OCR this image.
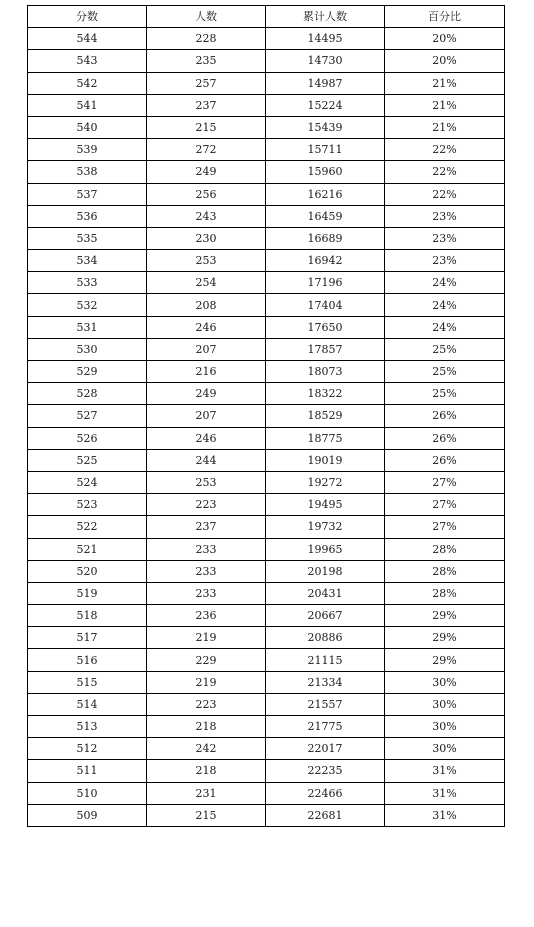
分数	人数	累计人数	百分比
544	228	14495	20%
543	235	14730	20%
542	257	14987	21%
541	237	15224	21%
540	215	15439	21%
539	272	15711	22%
538	249	15960	22%
537	256	16216	22%
536	243	16459	23%
535	230	16689	23%
534	253	16942	23%
533	254	17196	24%
532	208	17404	24%
531	246	17650	24%
530	207	17857	25%
529	216	18073	25%
528	249	18322	25%
527	207	18529	26%
526	246	18775	26%
525	244	19019	26%
524	253	19272	27%
523	223	19495	27%
522	237	19732	27%
521	233	19965	28%
520	233	20198	28%
519	233	20431	28%
518	236	20667	29%
517	219	20886	29%
516	229	21115	29%
515	219	21334	30%
514	223	21557	30%
513	218	21775	30%
512	242	22017	30%
511	218	22235	31%
510	231	22466	31%
509	215	22681	31%
